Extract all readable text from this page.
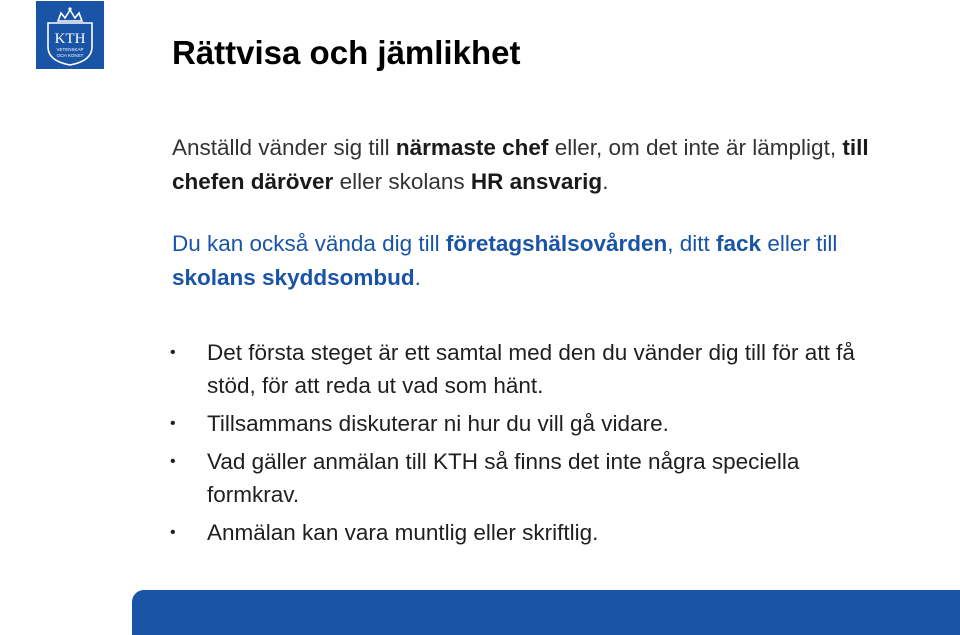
KTH
VETENSKAP
OCH KONST	Rättvisa och jämlikhet

Anställd vänder sig till närmaste chef eller, om det inte är lämpligt, till chefen däröver eller skolans HR ansvarig.

Du kan också vända dig till företagshälsovården, ditt fack eller till skolans skyddsombud.

• Det första steget är ett samtal med den du vänder dig till för att få stöd, för att reda ut vad som hänt.
• Tillsammans diskuterar ni hur du vill gå vidare.
• Vad gäller anmälan till KTH så finns det inte några speciella formkrav.
• Anmälan kan vara muntlig eller skriftlig.
